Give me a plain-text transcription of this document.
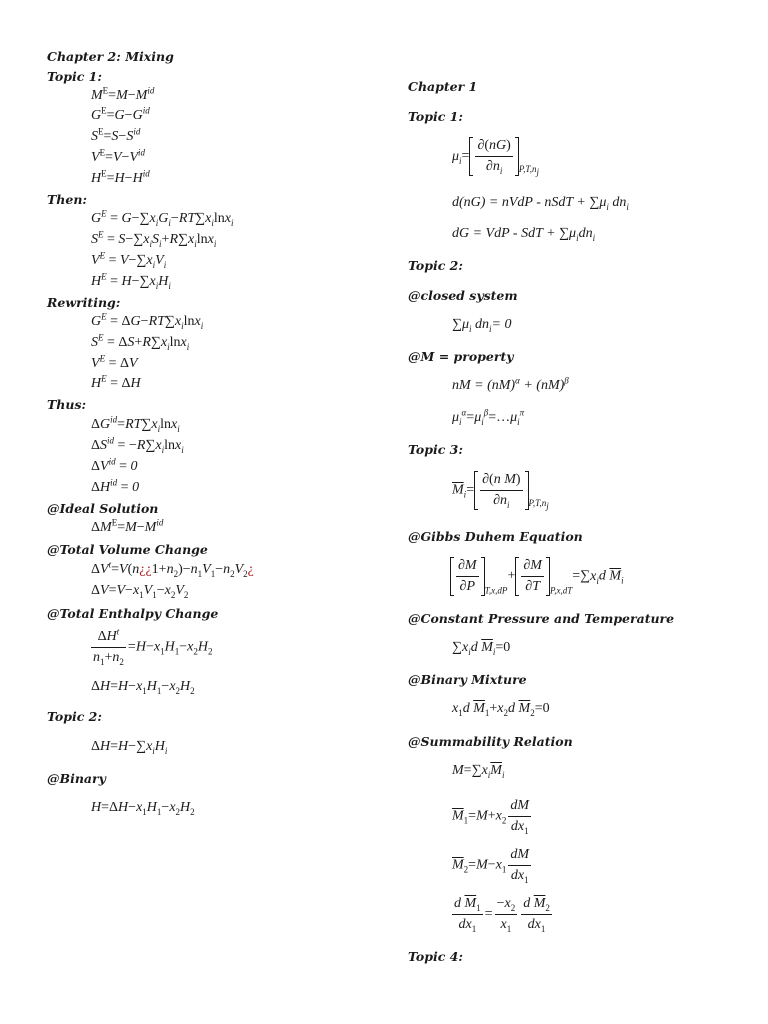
Chapter 2: Mixing
Topic 1:
$M^E=M-M^{id}$
$G^E=G-G^{id}$
$S^E=S-S^{id}$
$V^E=V-V^{id}$
$H^E=H-H^{id}$
Then:
$G^E = G-\sum x_iG_i-RT\sum x_i\ln x_i$
$S^E = S-\sum x_iS_i+R\sum x_i\ln x_i$
$V^E = V-\sum x_iV_i$
$H^E = H-\sum x_iH_i$
Rewriting:
$G^E = \Delta G-RT\sum x_i\ln x_i$
$S^E = \Delta S+R\sum x_i\ln x_i$
$V^E = \Delta V$
$H^E = \Delta H$
Thus:
$\Delta G^{id}=RT\sum x_i\ln x_i$
$\Delta S^{id} = -R\sum x_i\ln x_i$
$\Delta V^{id} = 0$
$\Delta H^{id} = 0$
@Ideal Solution
$\Delta M^E=M-M^{id}$
@Total Volume Change
$\Delta V^t=V(n¿¿1+n_2)-n_1V_1-n_2V_2¿$
$\Delta V=V-x_1V_1-x_2V_2$
@Total Enthalpy Change
$\frac{\Delta H^t}{n_1+n_2} =H-x_1H_1-x_2H_2$
$\Delta H=H-x_1H_1-x_2H_2$
Topic 2:
$\Delta H=H-\sum x_iH_i$
@Binary
$H=\Delta H-x_1H_1-x_2H_2$
Chapter 1
Topic 1:
$\mu_i= \frac{\partial(nG)}{\partial n_i} _{P,T,n_j}$
d(nG) = nVdP - nSdT + $\sum\mu_i$ $dn_i$
dG = VdP - SdT + $\sum\mu_idn_i$
Topic 2:
@closed system
$\sum\mu_i$ $dn_i= 0$
@M = property
nM = (nM)$^\alpha$ + (nM)$^\beta$
$\mu_i^\alpha=\mu_i^\beta=\dots\mu_i^\pi$
Topic 3:
$\overline{M}_i= \frac{\text{∂(n M)}}{\partial n_i} _{P,T,n_j}$
@Gibbs Duhem Equation
$\frac{\partial M}{\partial P} _{T,x,dP}+ \frac{\partial M}{\partial T} _{P,x,dT}=\sum x_id$ $\overline{M}_i$
@Constant Pressure and Temperature
$\sum x_id$ $\overline{M}_i=0$
@Binary Mixture
$x_1d$ $\overline{M}_1+x_2d$ $\overline{M}_2=0$
@Summability Relation
$M=\sum x_i\overline{M}_i$
$\overline{M}_1=M+x_2 \frac{dM}{dx_1}$
$\overline{M}_2=M-x_1 \frac{dM}{dx_1}$
$\frac{d \overline{M}_1}{dx_1} = \frac{-x_2}{x_1} \frac{d \overline{M}_2}{dx_1}$
Topic 4:
